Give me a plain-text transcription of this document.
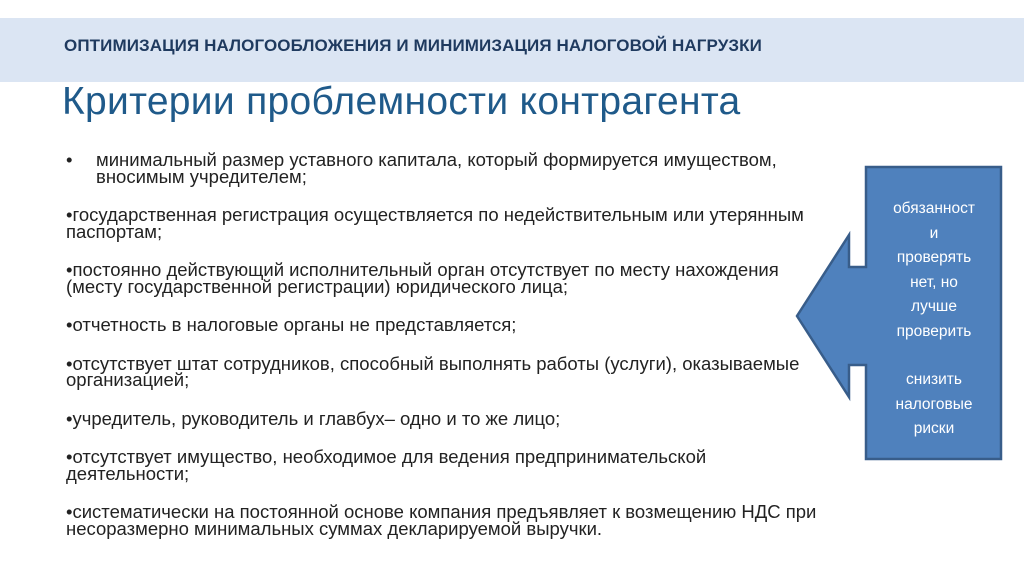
ОПТИМИЗАЦИЯ НАЛОГООБЛОЖЕНИЯ И МИНИМИЗАЦИЯ НАЛОГОВОЙ НАГРУЗКИ
Критерии проблемности контрагента
• минимальный размер уставного капитала, который формируется имуществом, вносимым учредителем;
•государственная регистрация осуществляется по недействительным или утерянным паспортам;
•постоянно действующий исполнительный орган отсутствует по месту нахождения (месту государственной регистрации) юридического лица;
•отчетность в налоговые органы не представляется;
•отсутствует штат сотрудников, способный выполнять работы (услуги), оказываемые организацией;
•учредитель, руководитель и главбух– одно и то же лицо;
•отсутствует имущество, необходимое для ведения предпринимательской деятельности;
•систематически на постоянной основе компания предъявляет к возмещению НДС при несоразмерно минимальных суммах декларируемой выручки.

обязанност

и

проверять

нет, но

лучше

проверить

снизить

налоговые

риски
